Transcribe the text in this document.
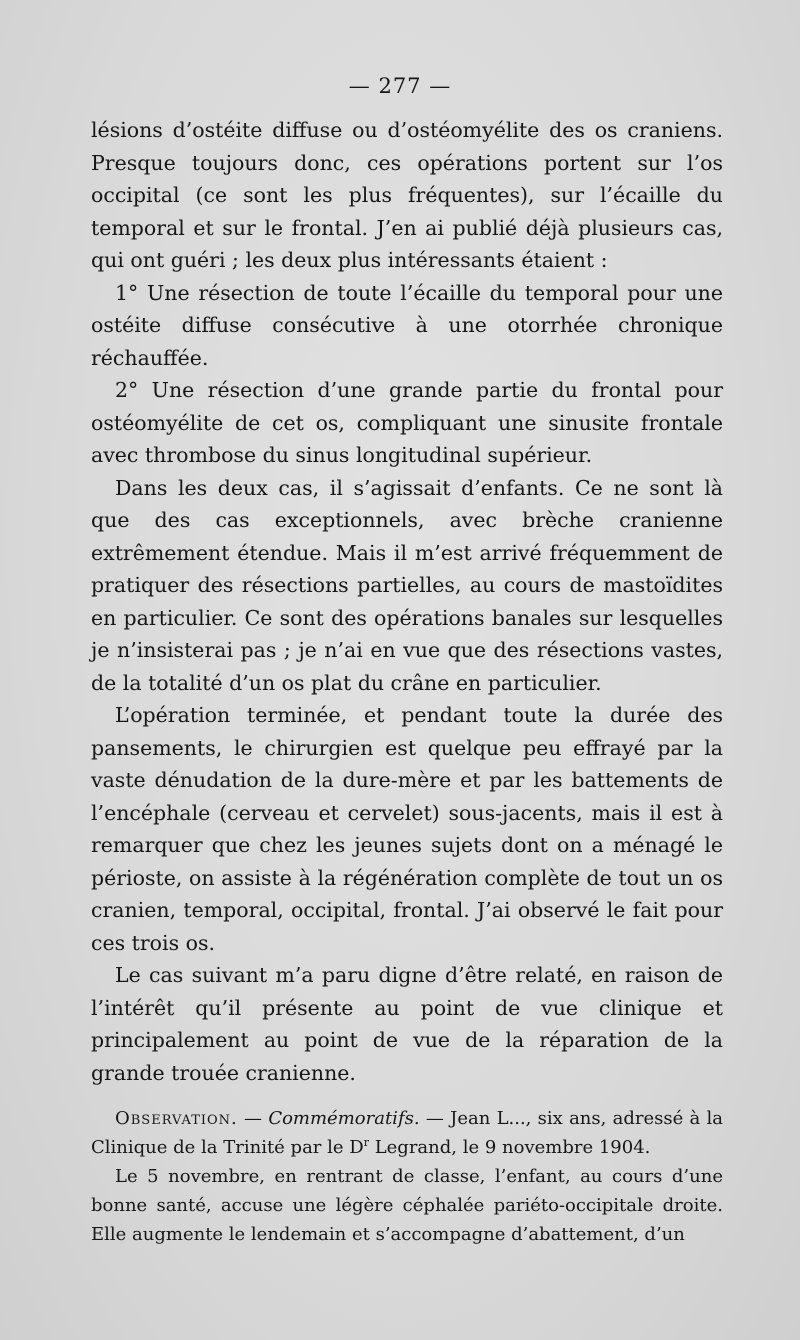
— 277 —

lésions d’ostéite diffuse ou d’ostéomyélite des os craniens. Presque toujours donc, ces opérations portent sur l’os occipital (ce sont les plus fréquentes), sur l’écaille du temporal et sur le frontal. J’en ai publié déjà plusieurs cas, qui ont guéri ; les deux plus intéressants étaient :

1° Une résection de toute l’écaille du temporal pour une ostéite diffuse consécutive à une otorrhée chronique réchauffée.

2° Une résection d’une grande partie du frontal pour ostéomyélite de cet os, compliquant une sinusite frontale avec thrombose du sinus longitudinal supérieur.

Dans les deux cas, il s’agissait d’enfants. Ce ne sont là que des cas exceptionnels, avec brèche cranienne extrêmement étendue. Mais il m’est arrivé fréquemment de pratiquer des résections partielles, au cours de mastoïdites en particulier. Ce sont des opérations banales sur lesquelles je n’insisterai pas ; je n’ai en vue que des résections vastes, de la totalité d’un os plat du crâne en particulier.

L’opération terminée, et pendant toute la durée des pansements, le chirurgien est quelque peu effrayé par la vaste dénudation de la dure-mère et par les battements de l’encéphale (cerveau et cervelet) sous-jacents, mais il est à remarquer que chez les jeunes sujets dont on a ménagé le périoste, on assiste à la régénération complète de tout un os cranien, temporal, occipital, frontal. J’ai observé le fait pour ces trois os.

Le cas suivant m’a paru digne d’être relaté, en raison de l’intérêt qu’il présente au point de vue clinique et principalement au point de vue de la réparation de la grande trouée cranienne.

Observation. — Commémoratifs. — Jean L..., six ans, adressé à la Clinique de la Trinité par le $D^r$ Legrand, le 9 novembre 1904.

Le 5 novembre, en rentrant de classe, l’enfant, au cours d’une bonne santé, accuse une légère céphalée pariéto-occipitale droite. Elle augmente le lendemain et s’accompagne d’abattement, d’un
